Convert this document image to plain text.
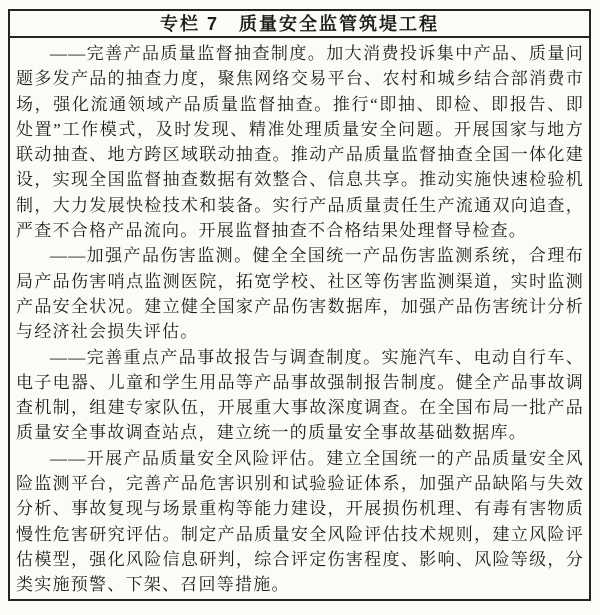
专栏 7　质量安全监管筑堤工程

——完善产品质量监督抽查制度。加大消费投诉集中产品、质量问题多发产品的抽查力度，聚焦网络交易平台、农村和城乡结合部消费市场，强化流通领域产品质量监督抽查。推行“即抽、即检、即报告、即处置”工作模式，及时发现、精准处理质量安全问题。开展国家与地方联动抽查、地方跨区域联动抽查。推动产品质量监督抽查全国一体化建设，实现全国监督抽查数据有效整合、信息共享。推动实施快速检验机制，大力发展快检技术和装备。实行产品质量责任生产流通双向追查，严查不合格产品流向。开展监督抽查不合格结果处理督导检查。

——加强产品伤害监测。健全全国统一产品伤害监测系统，合理布局产品伤害哨点监测医院，拓宽学校、社区等伤害监测渠道，实时监测产品安全状况。建立健全国家产品伤害数据库，加强产品伤害统计分析与经济社会损失评估。

——完善重点产品事故报告与调查制度。实施汽车、电动自行车、电子电器、儿童和学生用品等产品事故强制报告制度。健全产品事故调查机制，组建专家队伍，开展重大事故深度调查。在全国布局一批产品质量安全事故调查站点，建立统一的质量安全事故基础数据库。

——开展产品质量安全风险评估。建立全国统一的产品质量安全风险监测平台，完善产品危害识别和试验验证体系，加强产品缺陷与失效分析、事故复现与场景重构等能力建设，开展损伤机理、有毒有害物质慢性危害研究评估。制定产品质量安全风险评估技术规则，建立风险评估模型，强化风险信息研判，综合评定伤害程度、影响、风险等级，分类实施预警、下架、召回等措施。
